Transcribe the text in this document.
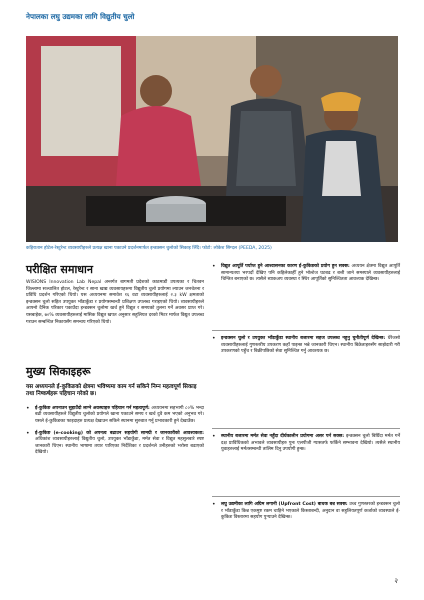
नेपालका लघु उद्यमका लागि विद्युतीय चुलो
कहिरातान होटेल-रेस्टुरेन्ट व्यवसायीहरुले प्रत्यक्ष खाना पकाउने प्रदर्शनमार्फत इन्डक्सन चुलोको सिकाइ लिँदै। फोटो: लोकेश सिग्दल (PEEDA, 2025)
परीक्षित समाधान

WISIONS Innovation Lab Nepal अन्तर्गत बागमती प्रदेशको काठमाडौं उपत्यका र चितवन जिल्लामा सञ्चालित होटल, रेस्टुरेन्ट र साना खाद्य व्यवसायहरुमा विद्युतीय चुलो प्रयोगमा ल्याउन जनचेतना र प्रविधि प्रदर्शन गरिएको थियो। यस अध्ययनमा समावेश १६ वटा व्यवसायीहरुलाई २.३ kW क्षमताको इन्डक्सन चुलो सहित उपयुक्त भाँडाकुँडा र प्रयोगसम्बन्धी प्रशिक्षण उपलब्ध गराइएको थियो। व्यवसायीहरुले आफ्नो दैनिक परिकार पकाउँदा इन्डक्सन चुलोमा खर्च हुने विद्युत र समयको तुलना गर्ने अवसर प्राप्त गरे। यसबाहेक, ७०% व्यवसायीहरुलाई मासिक विद्युत खपत अनुसार सहुलियत दरको मिटर मार्फत विद्युत उपलब्ध गराउन सम्बन्धित निकायसँग समन्वय गरिएको थियो।

मुख्य सिकाइहरू

यस अध्ययनले ई-कुकिङको क्षेत्रमा भविष्यमा काम गर्न सकिने निम्न महत्वपूर्ण सिकाइ तथा निष्कर्षहरू पहिचान गरेको छ।

• ई-कुकिङ अपनाउन सुहाउँदो लाग्ने अवस्थाहरु पहिचान गर्न महत्वपूर्ण: अध्ययनमा सहभागी ८०% भन्दा बढी व्यवसायीहरुले विद्युतीय चुलोको प्रयोगले खाना पकाउने समय र खर्च दुवै कम भएको अनुभव गरे। यसले ई-कुकिङका फाइदाहरु प्रत्यक्ष देखाउन सकिने स्थानमा सुरुवात गर्नु प्रभावकारी हुने देखाउँछ।
• ई-कुकिङ (e-cooking) को अपनत्व बढाउन सहयोगी सामग्री र जानकारीको आवश्यकता: अधिकांश व्यवसायीहरुलाई विद्युतीय चुलो, उपयुक्त भाँडाकुँडा, मर्मत सेवा र विद्युत महसुलबारे स्पष्ट जानकारी थिएन। स्थानीय भाषामा तयार पारिएका निर्देशिका र प्रदर्शनले उनीहरुको भरोसा बढाएको देखियो।
• विद्युत आपूर्ति पर्याप्त हुने आश्वासनका कारण ई-कुकिङको प्रयोग हुन सक्छ: अध्ययन क्षेत्रमा विद्युत आपूर्ति सामान्यतया भरपर्दो देखिए पनि कहिलेकाहीँ हुने भोल्टेज घटबढ र बत्ती जाने समस्याले व्यवसायीहरुलाई चिन्तित बनाएको छ। त्यसैले ब्याकअप व्यवस्था र स्थिर आपूर्तिको सुनिश्चितता आवश्यक देखिन्छ।
• इन्डक्सन चुलो र उपयुक्त भाँडाकुँडा स्थानीय बजारमा सहज उपलब्ध नहुनु चुनौतीपूर्ण देखिन्छ: धेरैजसो व्यवसायीहरुलाई गुणस्तरीय उपकरण कहाँ पाइन्छ भन्ने जानकारी थिएन। स्थानीय बिक्रेताहरुसँग साझेदारी गरी उपकरणको पहुँच र बिक्रीपछिको सेवा सुनिश्चित गर्नु आवश्यक छ।
• स्थानीय बजारमा मर्मत सेवा नहुँदा दीर्घकालीन प्रयोगमा असर पर्न सक्छ: इन्डक्सन चुलो बिग्रिँदा मर्मत गर्ने दक्ष प्राविधिकको अभावले व्यवसायीहरु पुनः एलपीजी ग्यासतर्फ फर्किने सम्भावना देखियो। त्यसैले स्थानीय युवाहरुलाई मर्मतसम्बन्धी तालिम दिनु उपयोगी हुन्छ।
• लघु उद्यमीका लागि अग्रिम लगानी (Upfront Cost) बाधक बन्न सक्छ: उच्च गुणस्तरको इन्डक्सन चुलो र भाँडाकुँडा किन्न एकमुष्ट रकम चाहिने भएकाले किस्ताबन्दी, अनुदान वा सहुलियतपूर्ण कर्जाको व्यवस्थाले ई-कुकिङ विस्तारमा सहयोग पुर्‍याउने देखिन्छ।
२
